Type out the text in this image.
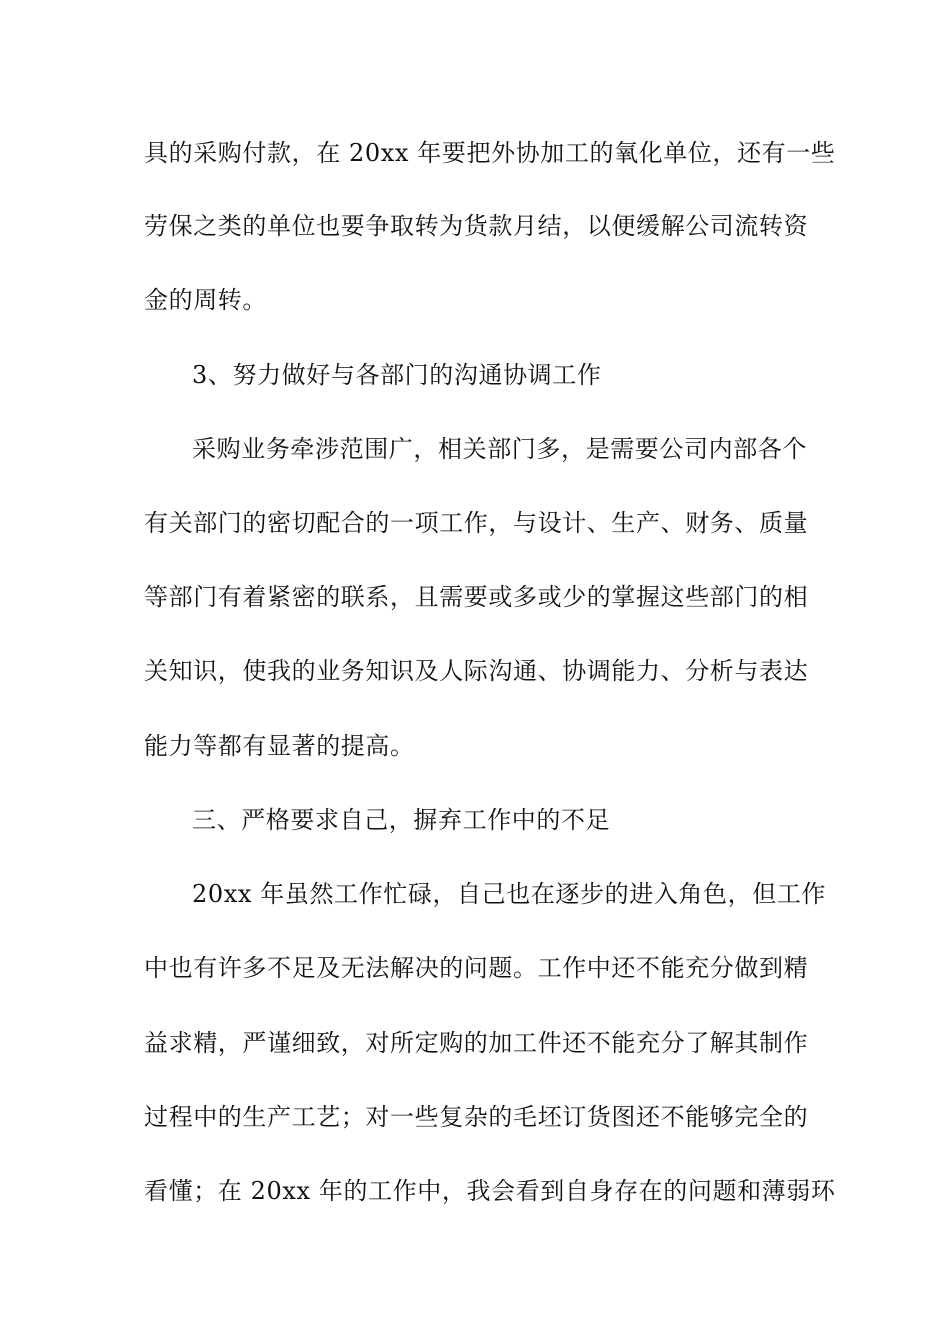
具的采购付款，在 20xx 年要把外协加工的氧化单位，还有一些
劳保之类的单位也要争取转为货款月结，以便缓解公司流转资
金的周转。
3、努力做好与各部门的沟通协调工作
采购业务牵涉范围广，相关部门多，是需要公司内部各个
有关部门的密切配合的一项工作，与设计、生产、财务、质量
等部门有着紧密的联系，且需要或多或少的掌握这些部门的相
关知识，使我的业务知识及人际沟通、协调能力、分析与表达
能力等都有显著的提高。
三、严格要求自己，摒弃工作中的不足
20xx 年虽然工作忙碌，自己也在逐步的进入角色，但工作
中也有许多不足及无法解决的问题。工作中还不能充分做到精
益求精，严谨细致，对所定购的加工件还不能充分了解其制作
过程中的生产工艺；对一些复杂的毛坯订货图还不能够完全的
看懂；在 20xx 年的工作中，我会看到自身存在的问题和薄弱环
